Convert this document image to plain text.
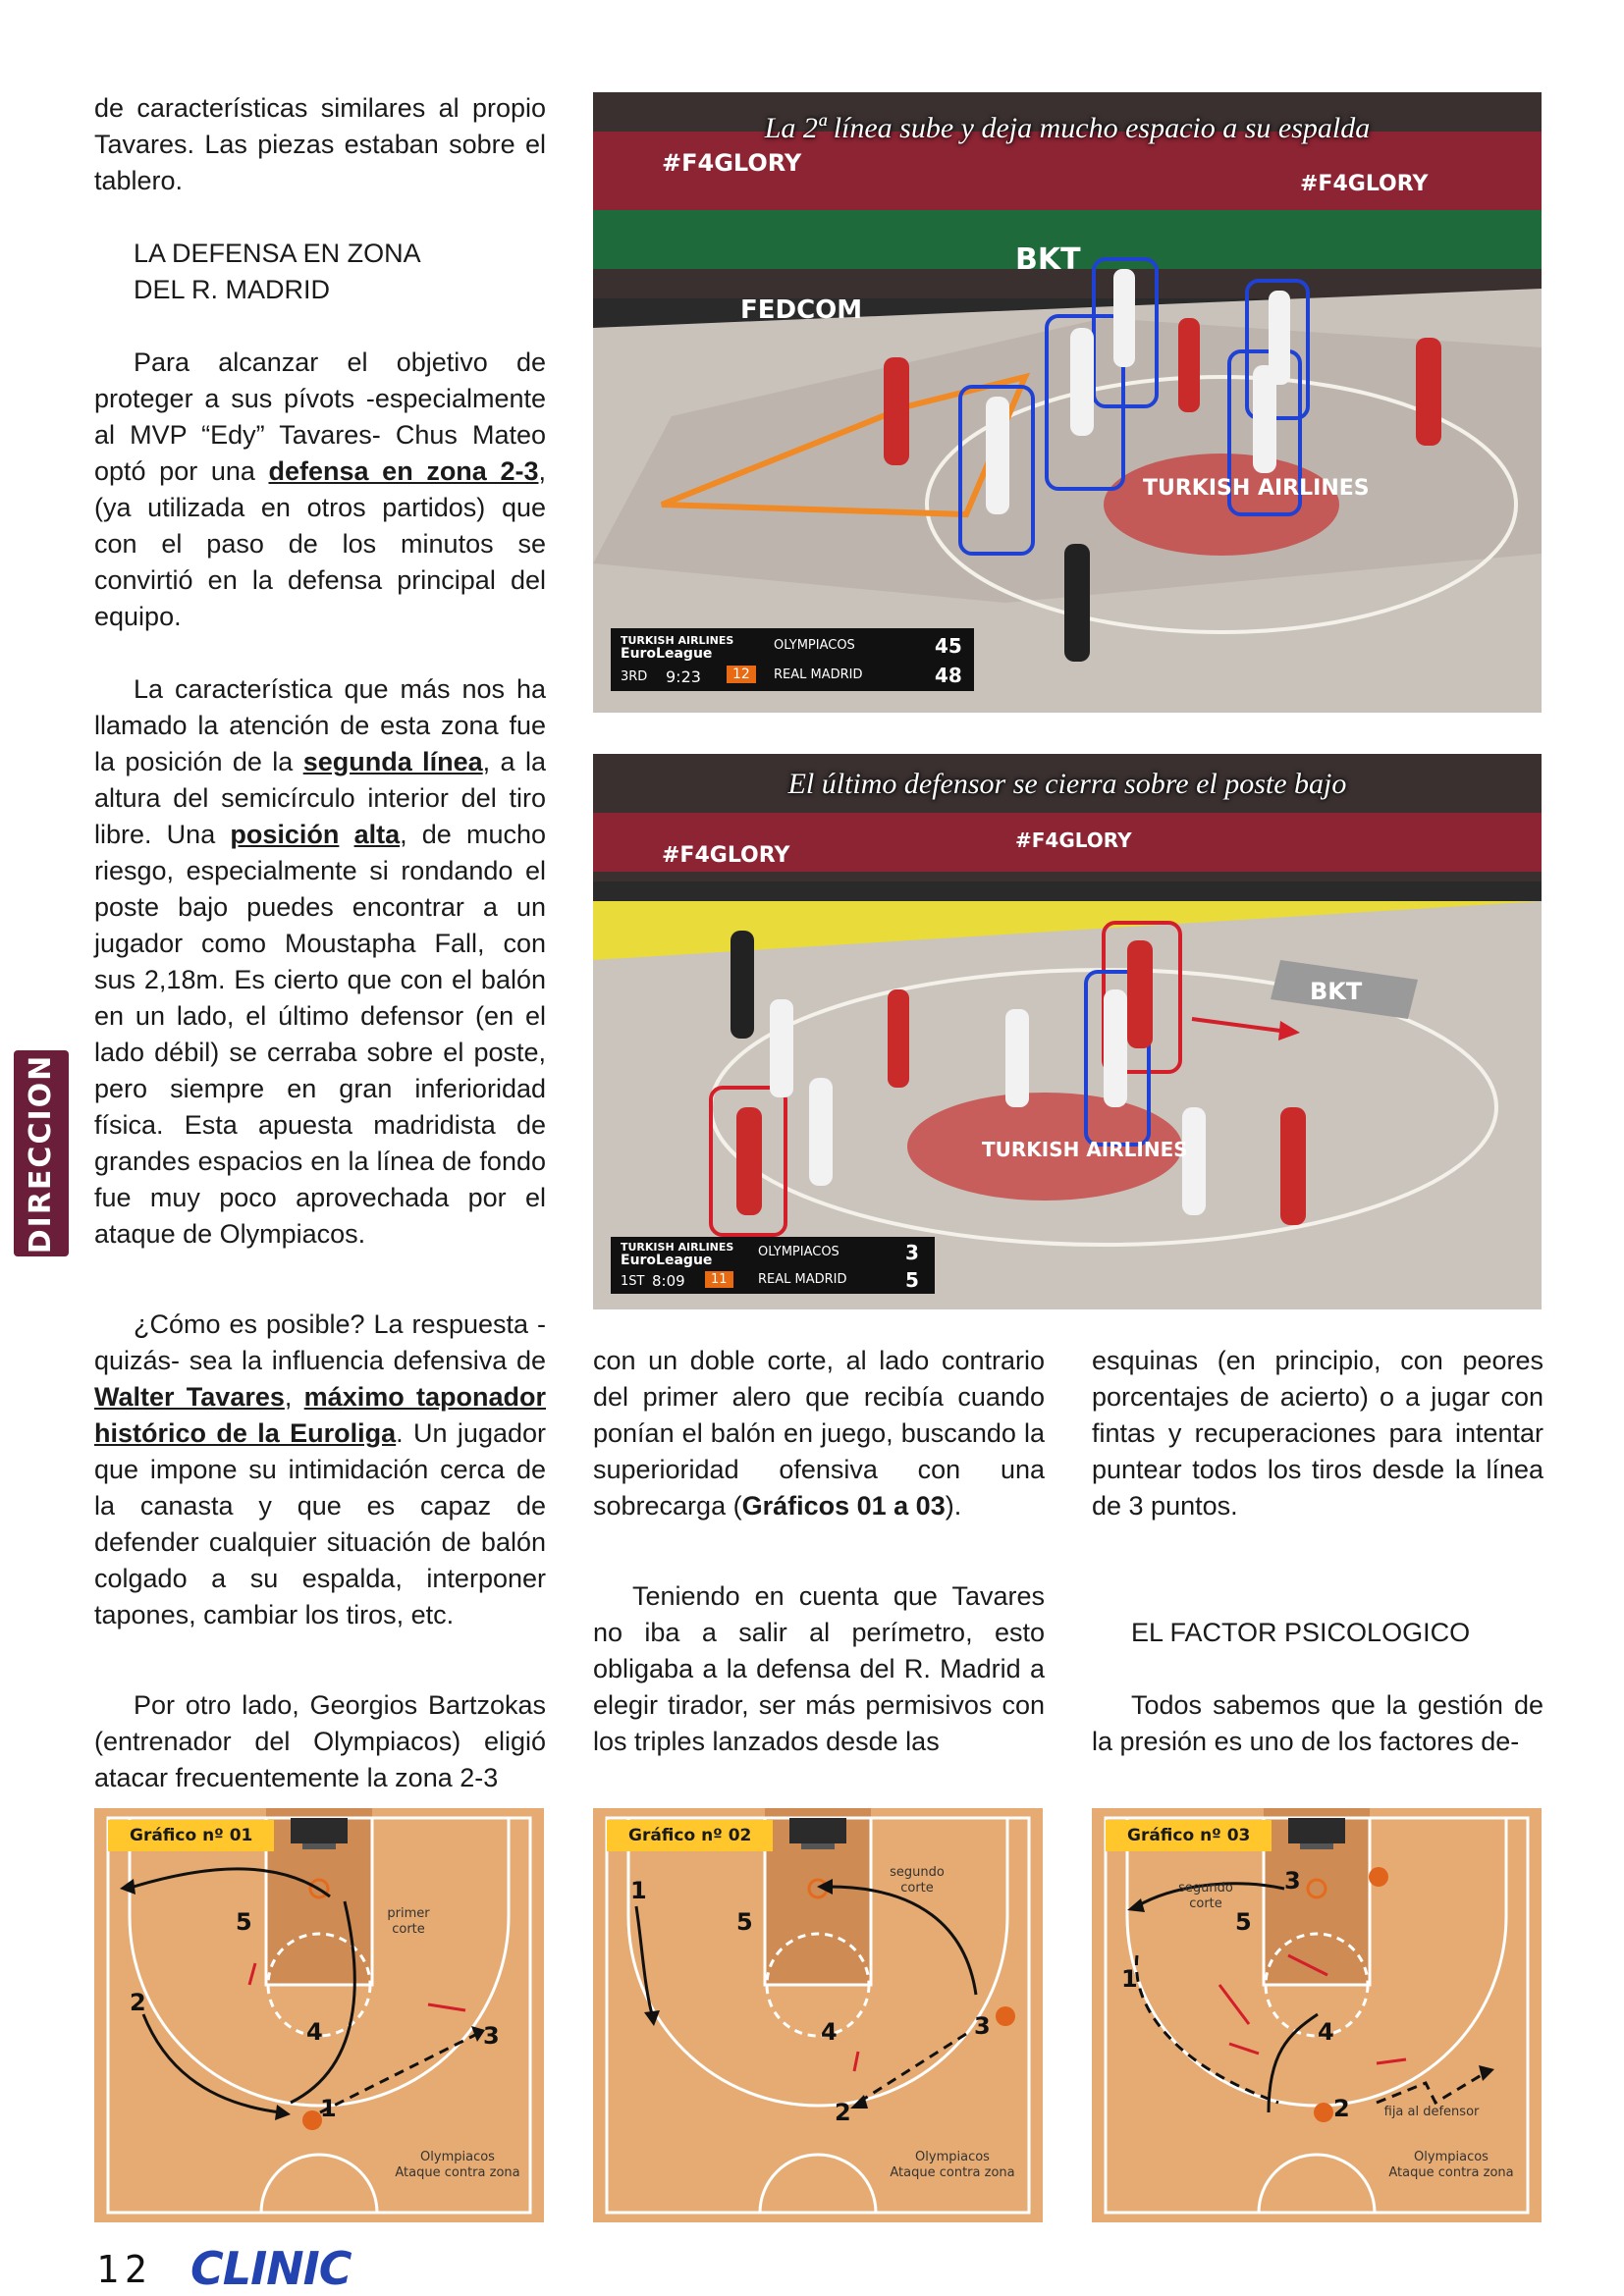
de características similares al propio Tavares. Las piezas estaban sobre el tablero.

LA DEFENSA EN ZONA
DEL R. MADRID

Para alcanzar el objetivo de proteger a sus pívots -especialmente al MVP “Edy” Tavares- Chus Mateo optó por una defensa en zona 2-3, (ya utilizada en otros partidos) que con el paso de los minutos se convirtió en la defensa principal del equipo.

La característica que más nos ha llamado la atención de esta zona fue la posición de la segunda línea, a la altura del semicírculo interior del tiro libre. Una posición alta, de mucho riesgo, especialmente si rondando el poste bajo puedes encontrar a un jugador como Moustapha Fall, con sus 2,18m. Es cierto que con el balón en un lado, el último defensor (en el lado débil) se cerraba sobre el poste, pero siempre en gran inferioridad física. Esta apuesta madridista de grandes espacios en la línea de fondo fue muy poco aprovechada por el ataque de Olympiacos.

¿Cómo es posible? La respuesta -quizás- sea la influencia defensiva de Walter Tavares, máximo taponador histórico de la Euroliga. Un jugador que impone su intimidación cerca de la canasta y que es capaz de defender cualquier situación de balón colgado a su espalda, interponer tapones, cambiar los tiros, etc.

Por otro lado, Georgios Bartzokas (entrenador del Olympiacos) eligió atacar frecuentemente la zona 2-3

DIRECCION
#F4GLORY
#F4GLORY
BKT
FEDCOM
TURKISH AIRLINES
La 2ª línea sube y deja mucho espacio a su espalda
TURKISH AIRLINES
EuroLeague
3RD 9:23	12
OLYMPIACOS
REAL MADRID
45
48
#F4GLORY
#F4GLORY
BKT
TURKISH AIRLINES
El último defensor se cierra sobre el poste bajo
TURKISH AIRLINES
EuroLeague
1ST 8:09	11
OLYMPIACOS
REAL MADRID
3
5

con un doble corte, al lado contrario del primer alero que recibía cuando ponían el balón en juego, buscando la superioridad ofensiva con una sobrecarga (Gráficos 01 a 03).

Teniendo en cuenta que Tavares no iba a salir al perímetro, esto obligaba a la defensa del R. Madrid a elegir tirador, ser más permisivos con los triples lanzados desde las

esquinas (en principio, con peores porcentajes de acierto) o a jugar con fintas y recuperaciones para intentar puntear todos los tiros desde la línea de 3 puntos.

EL FACTOR PSICOLOGICO

Todos sabemos que la gestión de la presión es uno de los factores de-

Gráfico nº 01
primer corte
1
2
3
4
5
Olympiacos
Ataque contra zona
Gráfico nº 02
segundo corte
1
2
3
4
5
Olympiacos
Ataque contra zona
Gráfico nº 03
segundo corte
fija al defensor
1
2
3
4
5
Olympiacos
Ataque contra zona
12 CLINIC
